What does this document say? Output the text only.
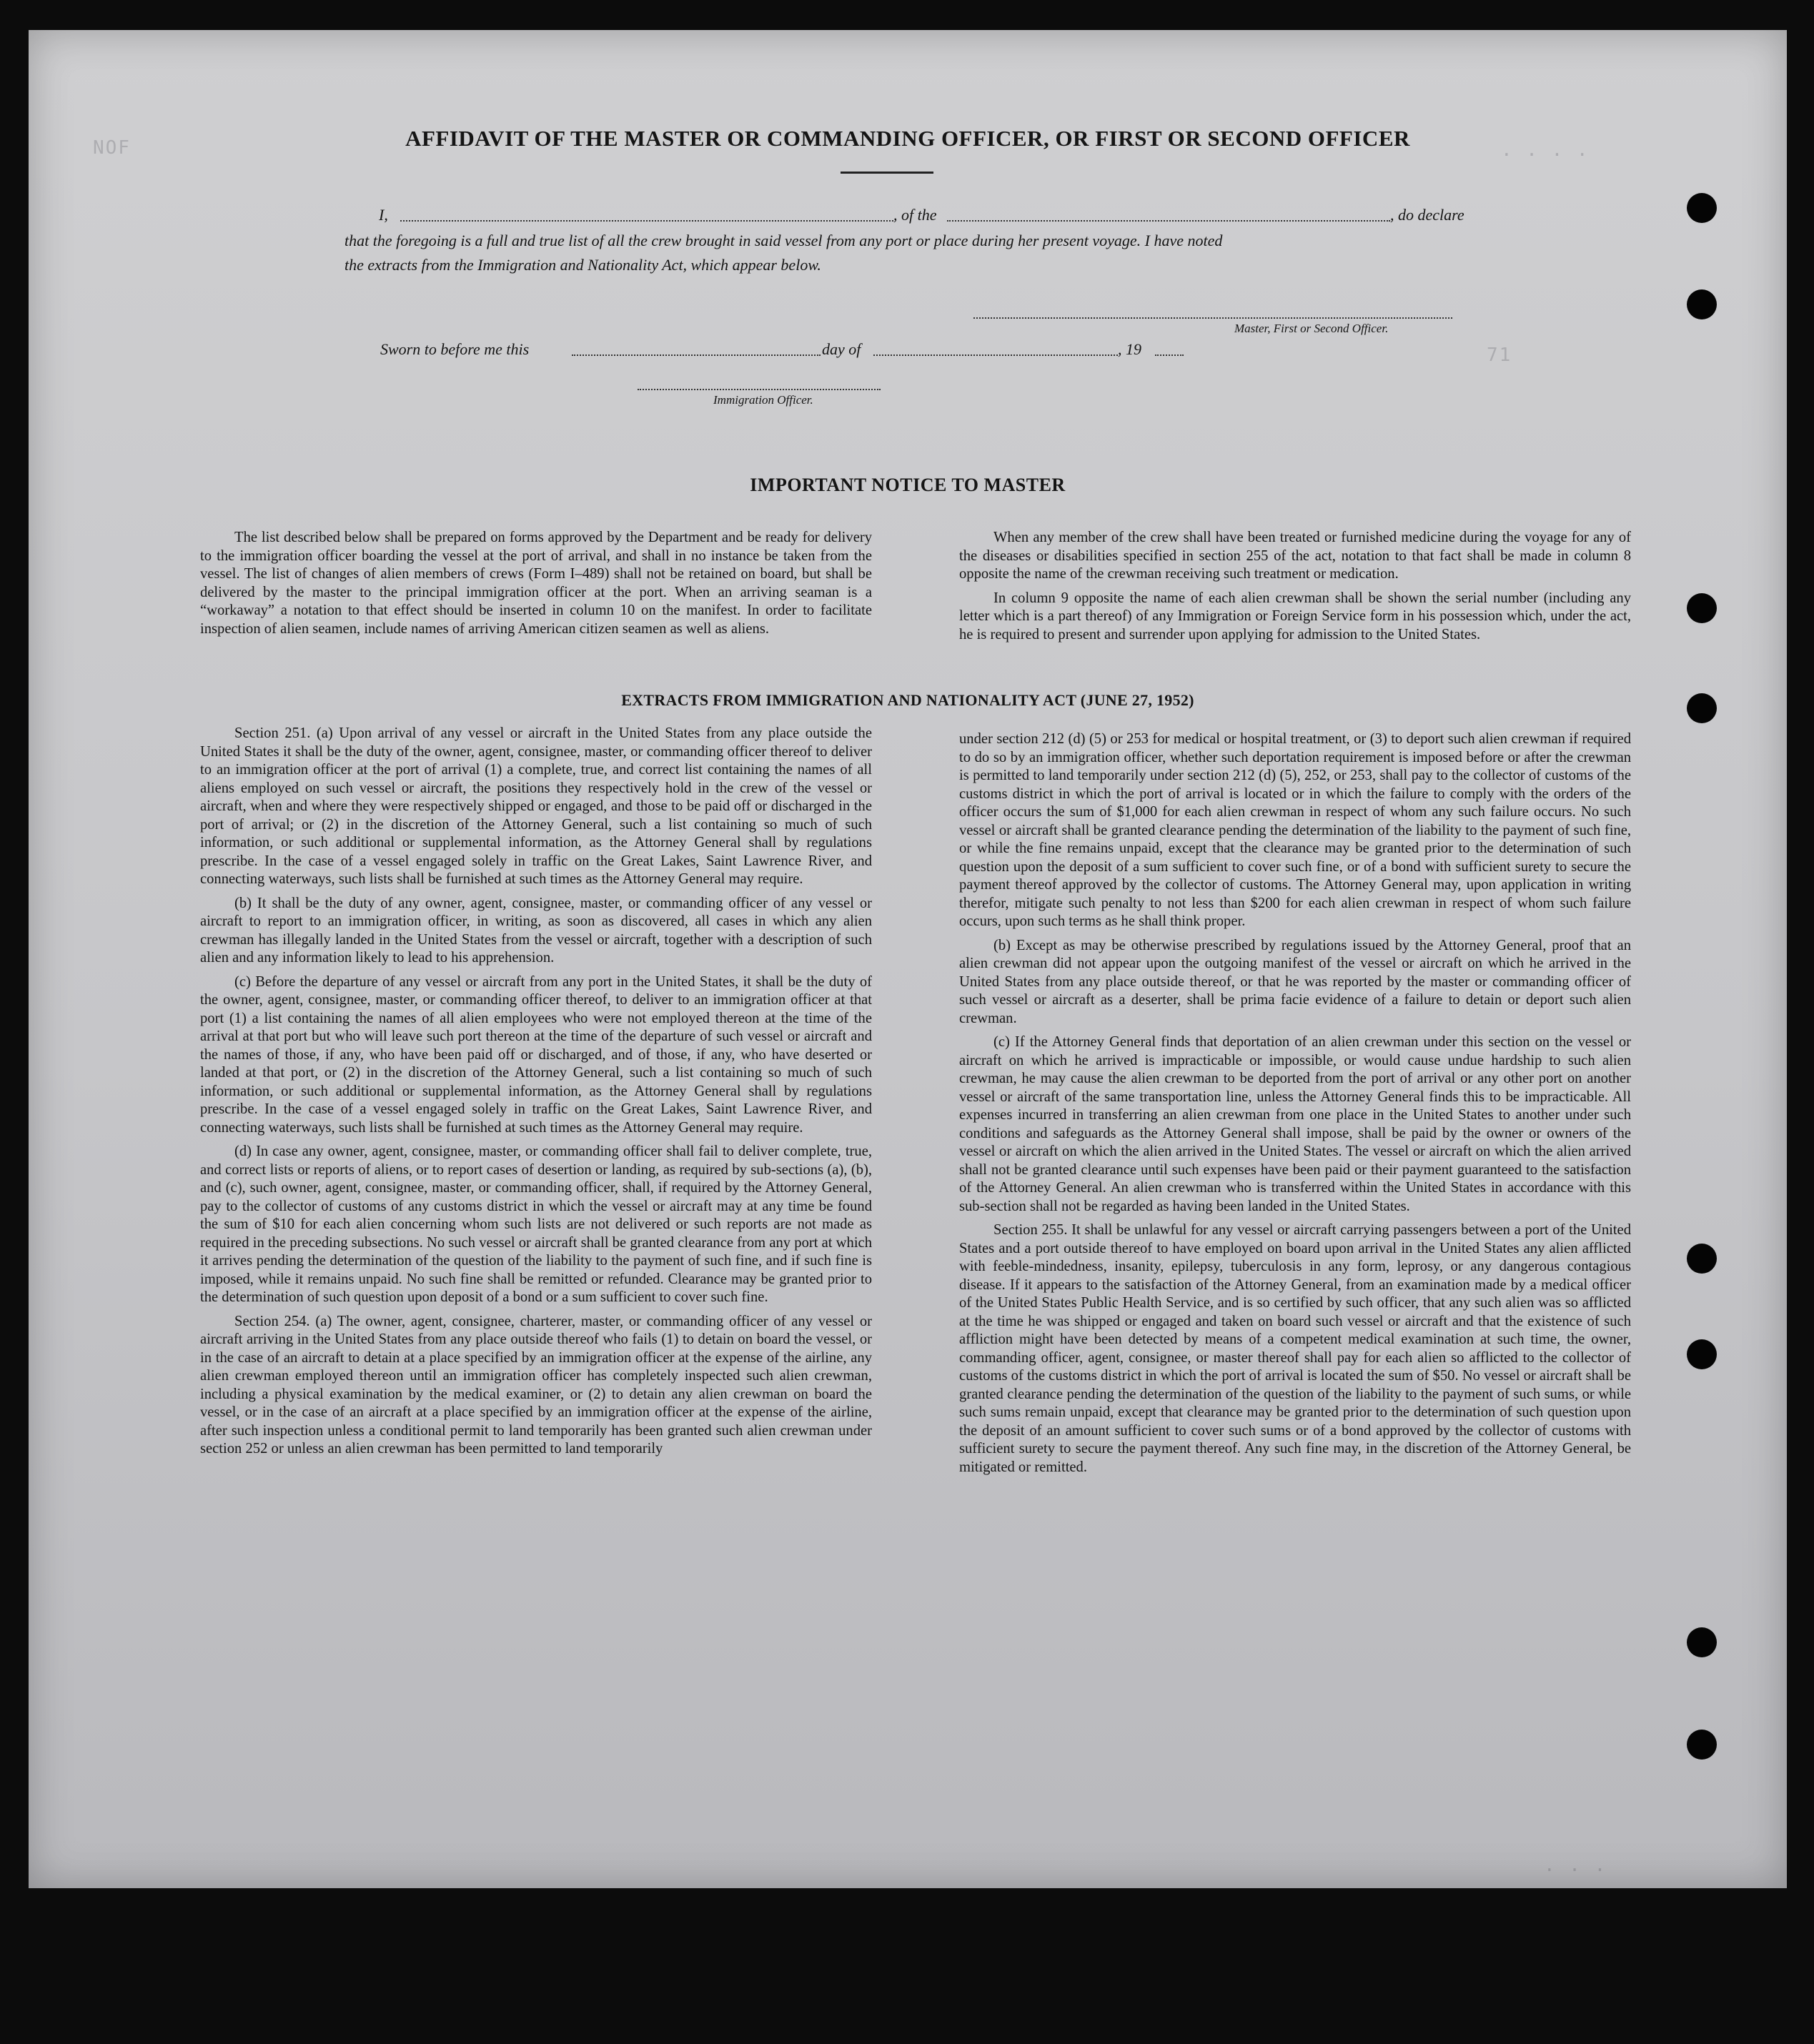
· · · ·
NOF
71
· · ·
AFFIDAVIT OF THE MASTER OR COMMANDING OFFICER, OR FIRST OR SECOND OFFICER
I,	, of the	, do declare
that the foregoing is a full and true list of all the crew brought in said vessel from any port or place during her present voyage. I have noted
the extracts from the Immigration and Nationality Act, which appear below.
Master, First or Second Officer.
Sworn to before me this	day of	, 19
Immigration Officer.
IMPORTANT NOTICE TO MASTER

The list described below shall be prepared on forms approved by the Department and be ready for delivery to the immigration officer boarding the vessel at the port of arrival, and shall in no instance be taken from the vessel. The list of changes of alien members of crews (Form I–489) shall not be retained on board, but shall be delivered by the master to the principal immigration officer at the port. When an arriving seaman is a “workaway” a notation to that effect should be inserted in column 10 on the manifest. In order to facilitate inspection of alien seamen, include names of arriving American citizen seamen as well as aliens.

When any member of the crew shall have been treated or furnished medicine during the voyage for any of the diseases or disabilities specified in section 255 of the act, notation to that fact shall be made in column 8 opposite the name of the crewman receiving such treatment or medication.

In column 9 opposite the name of each alien crewman shall be shown the serial number (including any letter which is a part thereof) of any Immigration or Foreign Service form in his possession which, under the act, he is required to present and surrender upon applying for admission to the United States.

EXTRACTS FROM IMMIGRATION AND NATIONALITY ACT (JUNE 27, 1952)

Section 251. (a) Upon arrival of any vessel or aircraft in the United States from any place outside the United States it shall be the duty of the owner, agent, consignee, master, or commanding officer thereof to deliver to an immigration officer at the port of arrival (1) a complete, true, and correct list containing the names of all aliens employed on such vessel or aircraft, the positions they respectively hold in the crew of the vessel or aircraft, when and where they were respectively shipped or engaged, and those to be paid off or discharged in the port of arrival; or (2) in the discretion of the Attorney General, such a list containing so much of such information, or such additional or supplemental information, as the Attorney General shall by regulations prescribe. In the case of a vessel engaged solely in traffic on the Great Lakes, Saint Lawrence River, and connecting waterways, such lists shall be furnished at such times as the Attorney General may require.

(b) It shall be the duty of any owner, agent, consignee, master, or commanding officer of any vessel or aircraft to report to an immigration officer, in writing, as soon as discovered, all cases in which any alien crewman has illegally landed in the United States from the vessel or aircraft, together with a description of such alien and any information likely to lead to his apprehension.

(c) Before the departure of any vessel or aircraft from any port in the United States, it shall be the duty of the owner, agent, consignee, master, or commanding officer thereof, to deliver to an immigration officer at that port (1) a list containing the names of all alien employees who were not employed thereon at the time of the arrival at that port but who will leave such port thereon at the time of the departure of such vessel or aircraft and the names of those, if any, who have been paid off or discharged, and of those, if any, who have deserted or landed at that port, or (2) in the discretion of the Attorney General, such a list containing so much of such information, or such additional or supplemental information, as the Attorney General shall by regulations prescribe. In the case of a vessel engaged solely in traffic on the Great Lakes, Saint Lawrence River, and connecting waterways, such lists shall be furnished at such times as the Attorney General may require.

(d) In case any owner, agent, consignee, master, or commanding officer shall fail to deliver complete, true, and correct lists or reports of aliens, or to report cases of desertion or landing, as required by sub-sections (a), (b), and (c), such owner, agent, consignee, master, or commanding officer, shall, if required by the Attorney General, pay to the collector of customs of any customs district in which the vessel or aircraft may at any time be found the sum of $10 for each alien concerning whom such lists are not delivered or such reports are not made as required in the preceding subsections. No such vessel or aircraft shall be granted clearance from any port at which it arrives pending the determination of the question of the liability to the payment of such fine, and if such fine is imposed, while it remains unpaid. No such fine shall be remitted or refunded. Clearance may be granted prior to the determination of such question upon deposit of a bond or a sum sufficient to cover such fine.

Section 254. (a) The owner, agent, consignee, charterer, master, or commanding officer of any vessel or aircraft arriving in the United States from any place outside thereof who fails (1) to detain on board the vessel, or in the case of an aircraft to detain at a place specified by an immigration officer at the expense of the airline, any alien crewman employed thereon until an immigration officer has completely inspected such alien crewman, including a physical examination by the medical examiner, or (2) to detain any alien crewman on board the vessel, or in the case of an aircraft at a place specified by an immigration officer at the expense of the airline, after such inspection unless a conditional permit to land temporarily has been granted such alien crewman under section 252 or unless an alien crewman has been permitted to land temporarily

under section 212 (d) (5) or 253 for medical or hospital treatment, or (3) to deport such alien crewman if required to do so by an immigration officer, whether such deportation requirement is imposed before or after the crewman is permitted to land temporarily under section 212 (d) (5), 252, or 253, shall pay to the collector of customs of the customs district in which the port of arrival is located or in which the failure to comply with the orders of the officer occurs the sum of $1,000 for each alien crewman in respect of whom any such failure occurs. No such vessel or aircraft shall be granted clearance pending the determination of the liability to the payment of such fine, or while the fine remains unpaid, except that the clearance may be granted prior to the determination of such question upon the deposit of a sum sufficient to cover such fine, or of a bond with sufficient surety to secure the payment thereof approved by the collector of customs. The Attorney General may, upon application in writing therefor, mitigate such penalty to not less than $200 for each alien crewman in respect of whom such failure occurs, upon such terms as he shall think proper.

(b) Except as may be otherwise prescribed by regulations issued by the Attorney General, proof that an alien crewman did not appear upon the outgoing manifest of the vessel or aircraft on which he arrived in the United States from any place outside thereof, or that he was reported by the master or commanding officer of such vessel or aircraft as a deserter, shall be prima facie evidence of a failure to detain or deport such alien crewman.

(c) If the Attorney General finds that deportation of an alien crewman under this section on the vessel or aircraft on which he arrived is impracticable or impossible, or would cause undue hardship to such alien crewman, he may cause the alien crewman to be deported from the port of arrival or any other port on another vessel or aircraft of the same transportation line, unless the Attorney General finds this to be impracticable. All expenses incurred in transferring an alien crewman from one place in the United States to another under such conditions and safeguards as the Attorney General shall impose, shall be paid by the owner or owners of the vessel or aircraft on which the alien arrived in the United States. The vessel or aircraft on which the alien arrived shall not be granted clearance until such expenses have been paid or their payment guaranteed to the satisfaction of the Attorney General. An alien crewman who is transferred within the United States in accordance with this sub-section shall not be regarded as having been landed in the United States.

Section 255. It shall be unlawful for any vessel or aircraft carrying passengers between a port of the United States and a port outside thereof to have employed on board upon arrival in the United States any alien afflicted with feeble-mindedness, insanity, epilepsy, tuberculosis in any form, leprosy, or any dangerous contagious disease. If it appears to the satisfaction of the Attorney General, from an examination made by a medical officer of the United States Public Health Service, and is so certified by such officer, that any such alien was so afflicted at the time he was shipped or engaged and taken on board such vessel or aircraft and that the existence of such affliction might have been detected by means of a competent medical examination at such time, the owner, commanding officer, agent, consignee, or master thereof shall pay for each alien so afflicted to the collector of customs of the customs district in which the port of arrival is located the sum of $50. No vessel or aircraft shall be granted clearance pending the determination of the question of the liability to the payment of such sums, or while such sums remain unpaid, except that clearance may be granted prior to the determination of such question upon the deposit of an amount sufficient to cover such sums or of a bond approved by the collector of customs with sufficient surety to secure the payment thereof. Any such fine may, in the discretion of the Attorney General, be mitigated or remitted.
